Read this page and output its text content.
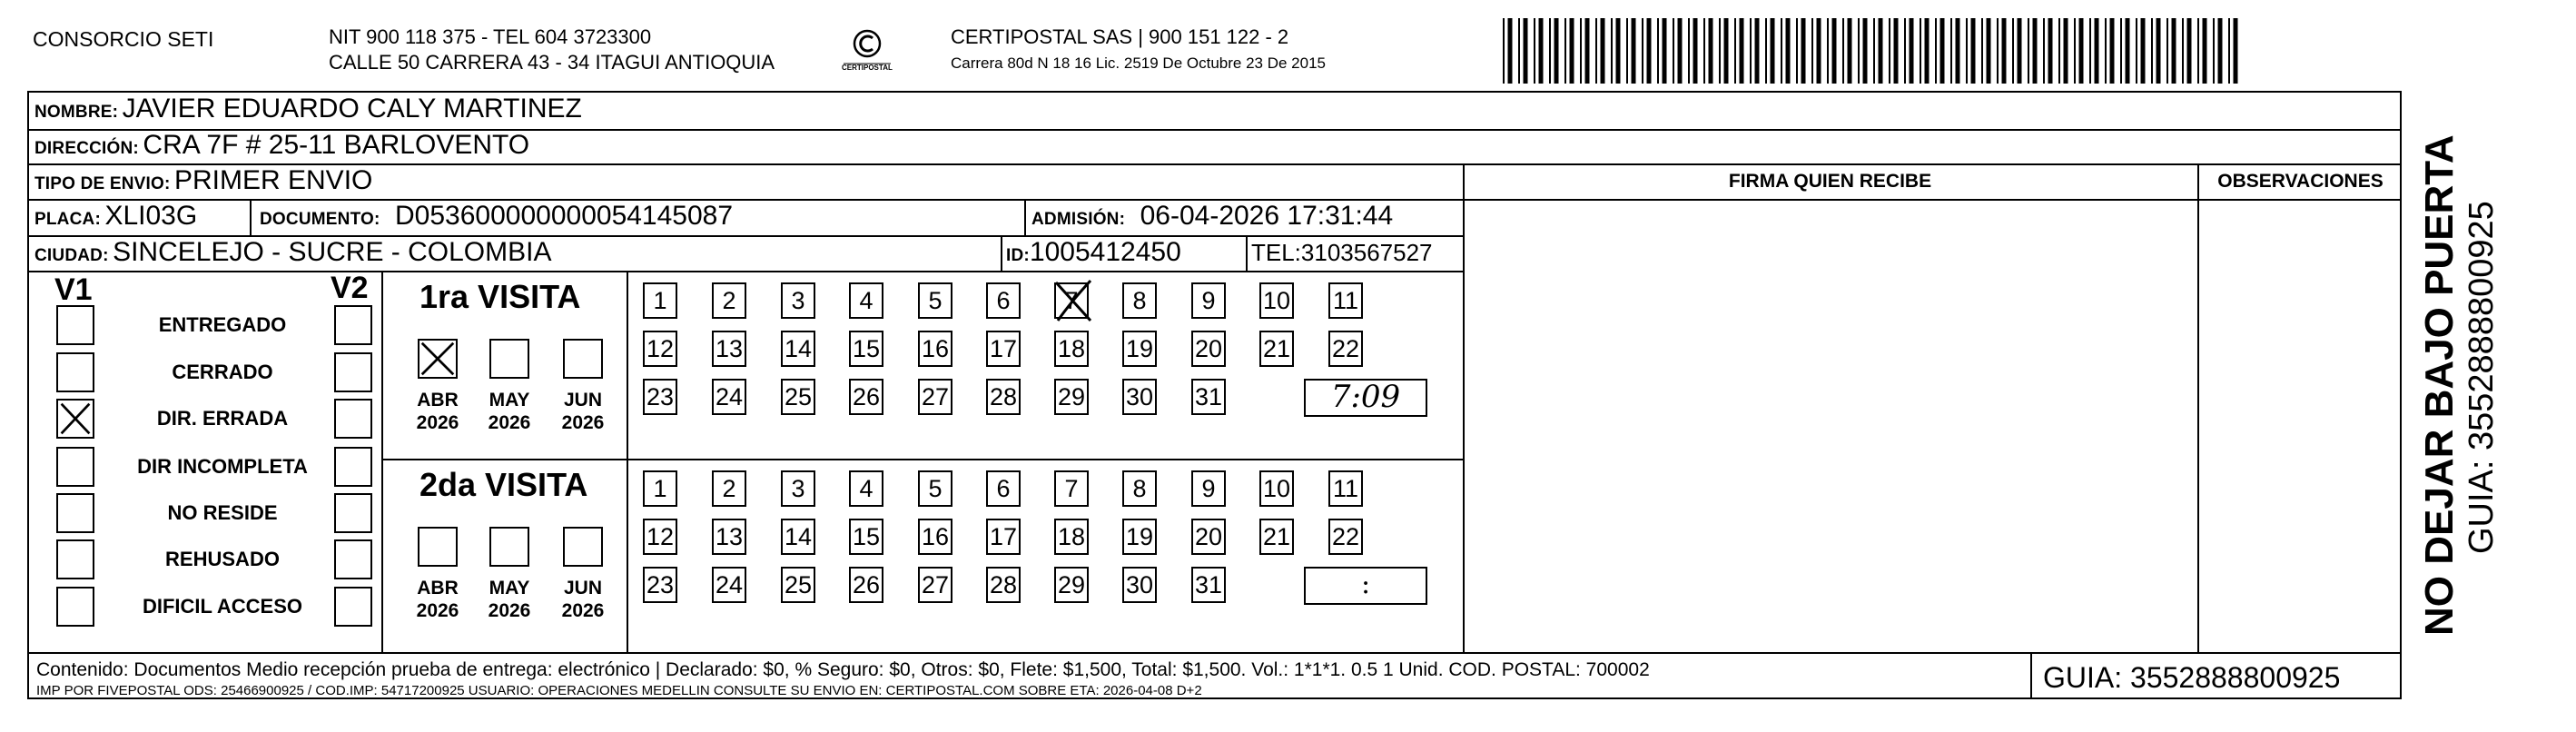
CONSORCIO SETI	NIT 900 118 375 - TEL 604 3723300
CALLE 50 CARRERA 43 - 34 ITAGUI ANTIOQUIA	CERTIPOSTAL
CERTIPOSTAL SAS | 900 151 122 - 2
Carrera 80d N 18 16 Lic. 2519 De Octubre 23 De 2015
NOMBRE: JAVIER EDUARDO CALY MARTINEZ
DIRECCIÓN: CRA 7F # 25-11 BARLOVENTO
TIPO DE ENVIO: PRIMER ENVIO	FIRMA QUIEN RECIBE	OBSERVACIONES
PLACA: XLI03G	DOCUMENTO: D053600000000054145087	ADMISIÓN: 06-04-2026 17:31:44
CIUDAD: SINCELEJO - SUCRE - COLOMBIA	ID:1005412450	TEL:3103567527
V1	V2
ENTREGADO
CERRADO
DIR. ERRADA
DIR INCOMPLETA
NO RESIDE
REHUSADO
DIFICIL ACCESO
1ra VISITA
ABR
2026
MAY
2026
JUN
2026
1	2	3	4	5	6	7	8	9	10 11
12 13 14 15 16 17 18 19 20 21 22
23 24 25 26 27 28 29 30 31	7:09
2da VISITA
ABR
2026
MAY
2026
JUN
2026
1	2	3	4	5	6	7	8	9	10 11
12 13 14 15 16 17 18 19 20 21 22
23 24 25 26 27 28 29 30 31	:
Contenido: Documentos Medio recepción prueba de entrega: electrónico | Declarado: $0, % Seguro: $0, Otros: $0, Flete: $1,500, Total: $1,500. Vol.: 1*1*1. 0.5 1 Unid. COD. POSTAL: 700002
IMP POR FIVEPOSTAL ODS: 25466900925 / COD.IMP: 54717200925 USUARIO: OPERACIONES MEDELLIN CONSULTE SU ENVIO EN: CERTIPOSTAL.COM SOBRE ETA: 2026-04-08 D+2	GUIA: 3552888800925
NO DEJAR BAJO PUERTA GUIA: 3552888800925
